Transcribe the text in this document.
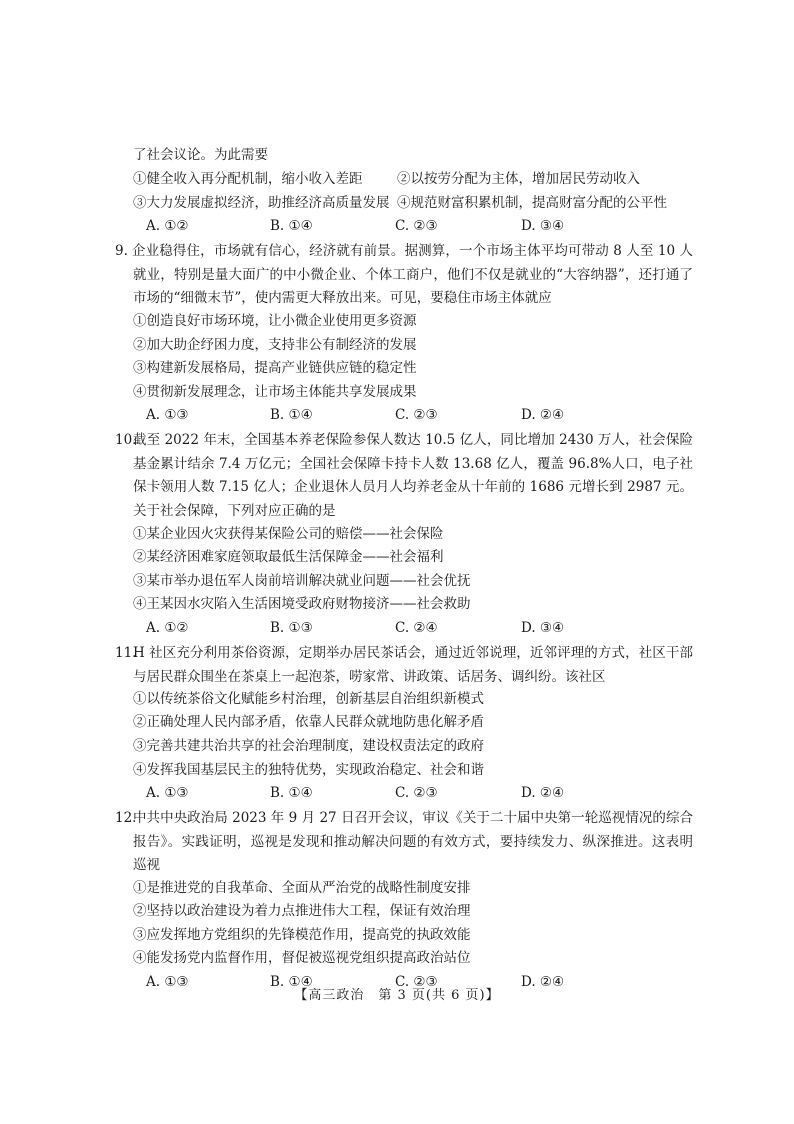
了社会议论。为此需要
①健全收入再分配机制，缩小收入差距	②以按劳分配为主体，增加居民劳动收入
③大力发展虚拟经济，助推经济高质量发展 ④规范财富积累机制，提高财富分配的公平性
A. ①②	B. ①④	C. ②③	D. ③④
9. 企业稳得住，市场就有信心，经济就有前景。据测算，一个市场主体平均可带动 8 人至 10 人就业，特别是量大面广的中小微企业、个体工商户，他们不仅是就业的“大容纳器”，还打通了市场的“细微末节”，使内需更大释放出来。可见，要稳住市场主体就应
①创造良好市场环境，让小微企业使用更多资源
②加大助企纾困力度，支持非公有制经济的发展
③构建新发展格局，提高产业链供应链的稳定性
④贯彻新发展理念，让市场主体能共享发展成果
A. ①③	B. ①④	C. ②③	D. ②④
10.
截至 2022 年末，全国基本养老保险参保人数达 10.5 亿人，同比增加 2430 万人，社会保险基金累计结余 7.4 万亿元；全国社会保障卡持卡人数 13.68 亿人，覆盖 96.8%人口，电子社保卡领用人数 7.15 亿人；企业退休人员月人均养老金从十年前的 1686 元增长到 2987 元。关于社会保障，下列对应正确的是
①某企业因火灾获得某保险公司的赔偿——社会保险
②某经济困难家庭领取最低生活保障金——社会福利
③某市举办退伍军人岗前培训解决就业问题——社会优抚
④王某因水灾陷入生活困境受政府财物接济——社会救助
A. ①②	B. ①③	C. ②④	D. ③④
11.
H 社区充分利用茶俗资源，定期举办居民茶话会，通过近邻说理，近邻评理的方式，社区干部与居民群众围坐在茶桌上一起泡茶，唠家常、讲政策、话居务、调纠纷。该社区
①以传统茶俗文化赋能乡村治理，创新基层自治组织新模式
②正确处理人民内部矛盾，依靠人民群众就地防患化解矛盾
③完善共建共治共享的社会治理制度，建设权责法定的政府
④发挥我国基层民主的独特优势，实现政治稳定、社会和谐
A. ①③	B. ①④	C. ②③	D. ②④
12.
中共中央政治局 2023 年 9 月 27 日召开会议，审议《关于二十届中央第一轮巡视情况的综合报告》。实践证明，巡视是发现和推动解决问题的有效方式，要持续发力、纵深推进。这表明巡视
①是推进党的自我革命、全面从严治党的战略性制度安排
②坚持以政治建设为着力点推进伟大工程，保证有效治理
③应发挥地方党组织的先锋模范作用，提高党的执政效能
④能发扬党内监督作用，督促被巡视党组织提高政治站位
A. ①③	B. ①④	C. ②③	D. ②④
【高三政治　第 3 页(共 6 页)】
